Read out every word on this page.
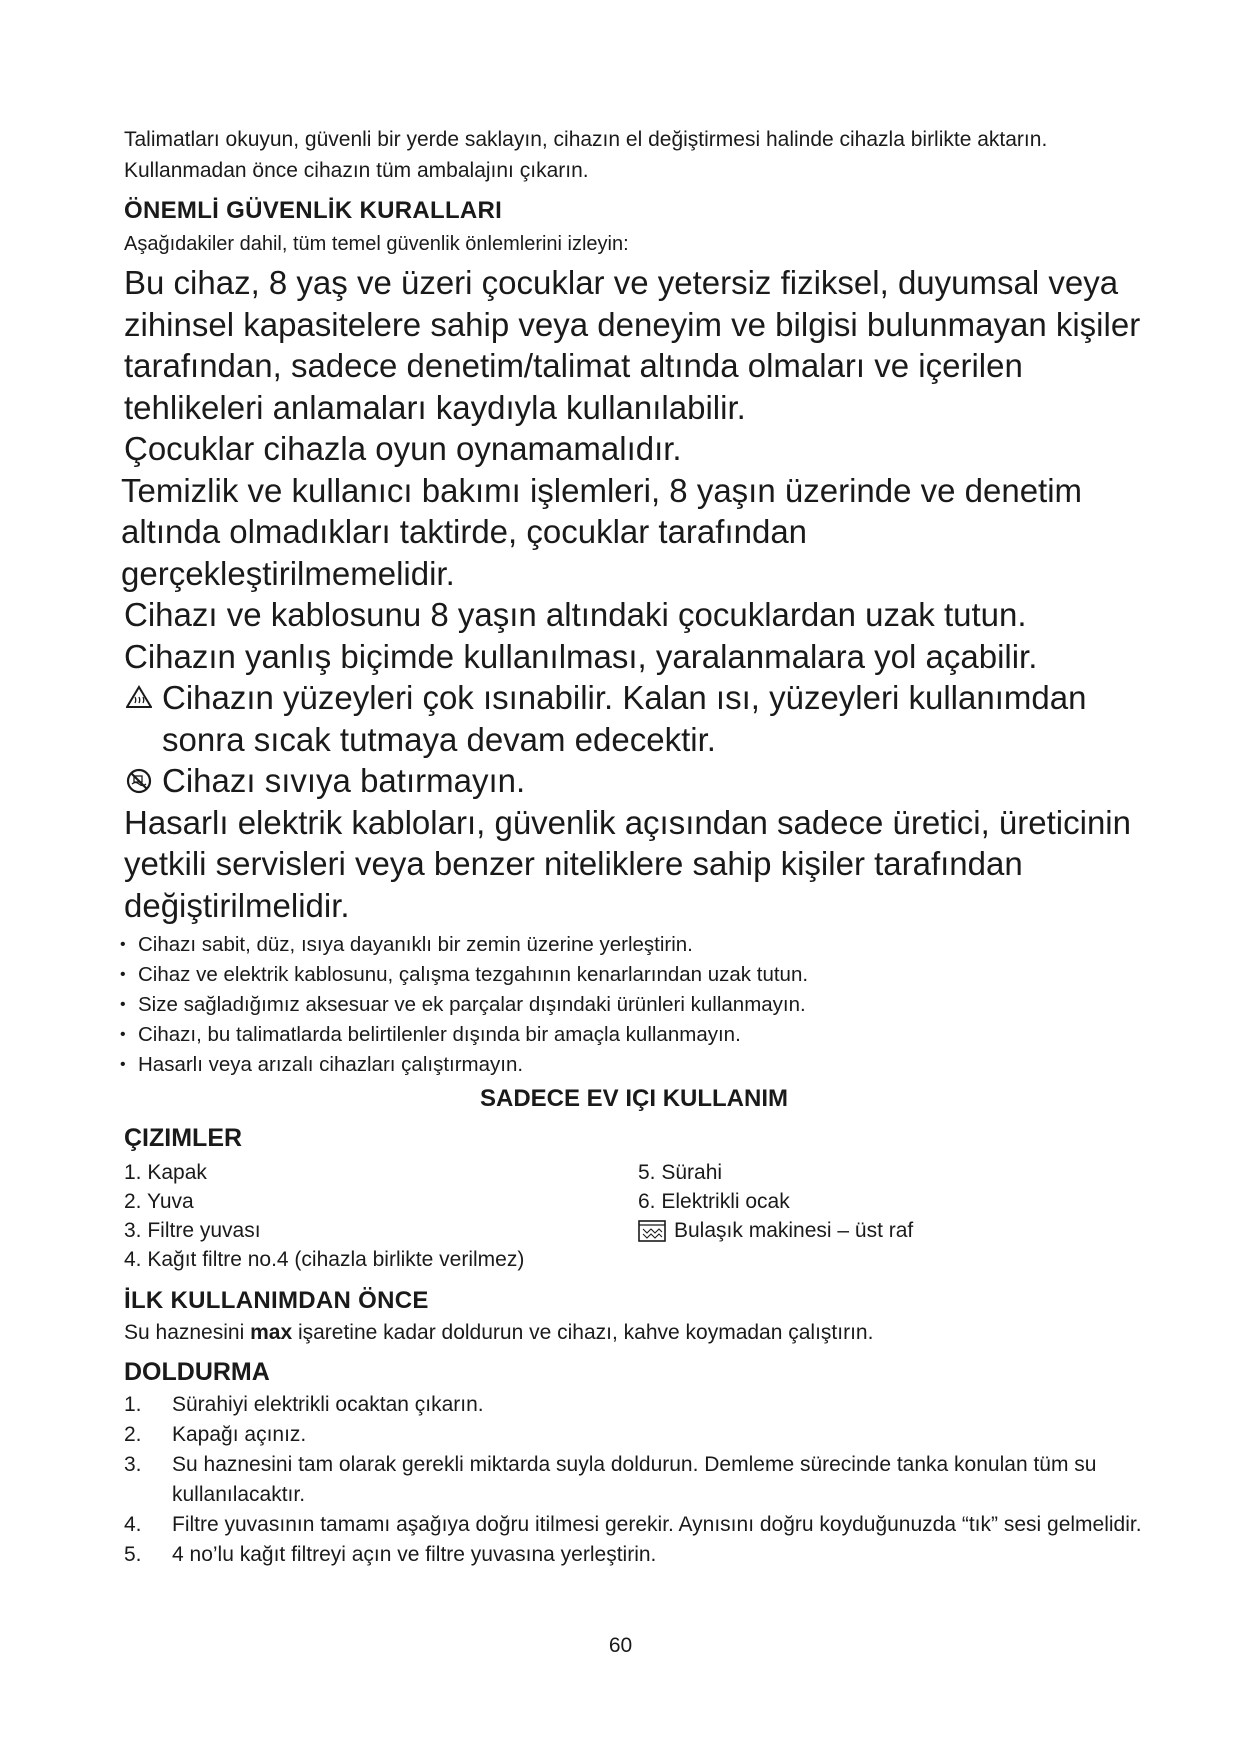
Talimatları okuyun, güvenli bir yerde saklayın, cihazın el değiştirmesi halinde cihazla birlikte aktarın. Kullanmadan önce cihazın tüm ambalajını çıkarın.

ÖNEMLİ GÜVENLİK KURALLARI
Aşağıdakiler dahil, tüm temel güvenlik önlemlerini izleyin:

Bu cihaz, 8 yaş ve üzeri çocuklar ve yetersiz fiziksel, duyumsal veya zihinsel kapasitelere sahip veya deneyim ve bilgisi bulunmayan kişiler tarafından, sadece denetim/talimat altında olmaları ve içerilen tehlikeleri anlamaları kaydıyla kullanılabilir.

Çocuklar cihazla oyun oynamamalıdır.

Temizlik ve kullanıcı bakımı işlemleri, 8 yaşın üzerinde ve denetim altında olmadıkları taktirde, çocuklar tarafından gerçekleştirilmemelidir.

Cihazı ve kablosunu 8 yaşın altındaki çocuklardan uzak tutun.

Cihazın yanlış biçimde kullanılması, yaralanmalara yol açabilir.

Cihazın yüzeyleri çok ısınabilir. Kalan ısı, yüzeyleri kullanımdan sonra sıcak tutmaya devam edecektir.
Cihazı sıvıya batırmayın.

Hasarlı elektrik kabloları, güvenlik açısından sadece üretici, üreticinin yetkili servisleri veya benzer niteliklere sahip kişiler tarafından değiştirilmelidir.

• Cihazı sabit, düz, ısıya dayanıklı bir zemin üzerine yerleştirin.
• Cihaz ve elektrik kablosunu, çalışma tezgahının kenarlarından uzak tutun.
• Size sağladığımız aksesuar ve ek parçalar dışındaki ürünleri kullanmayın.
• Cihazı, bu talimatlarda belirtilenler dışında bir amaçla kullanmayın.
• Hasarlı veya arızalı cihazları çalıştırmayın.
SADECE EV IÇI KULLANIM
ÇIZIMLER
1. Kapak
2. Yuva
3. Filtre yuvası
4. Kağıt filtre no.4 (cihazla birlikte verilmez)
5. Sürahi
6. Elektrikli ocak
Bulaşık makinesi – üst raf
İLK KULLANIMDAN ÖNCE

Su haznesini max işaretine kadar doldurun ve cihazı, kahve koymadan çalıştırın.

DOLDURMA
1. Sürahiyi elektrikli ocaktan çıkarın.
2. Kapağı açınız.
3. Su haznesini tam olarak gerekli miktarda suyla doldurun. Demleme sürecinde tanka konulan tüm su kullanılacaktır.
4. Filtre yuvasının tamamı aşağıya doğru itilmesi gerekir. Aynısını doğru koyduğunuzda “tık” sesi gelmelidir.
5. 4 no’lu kağıt filtreyi açın ve filtre yuvasına yerleştirin.
60
